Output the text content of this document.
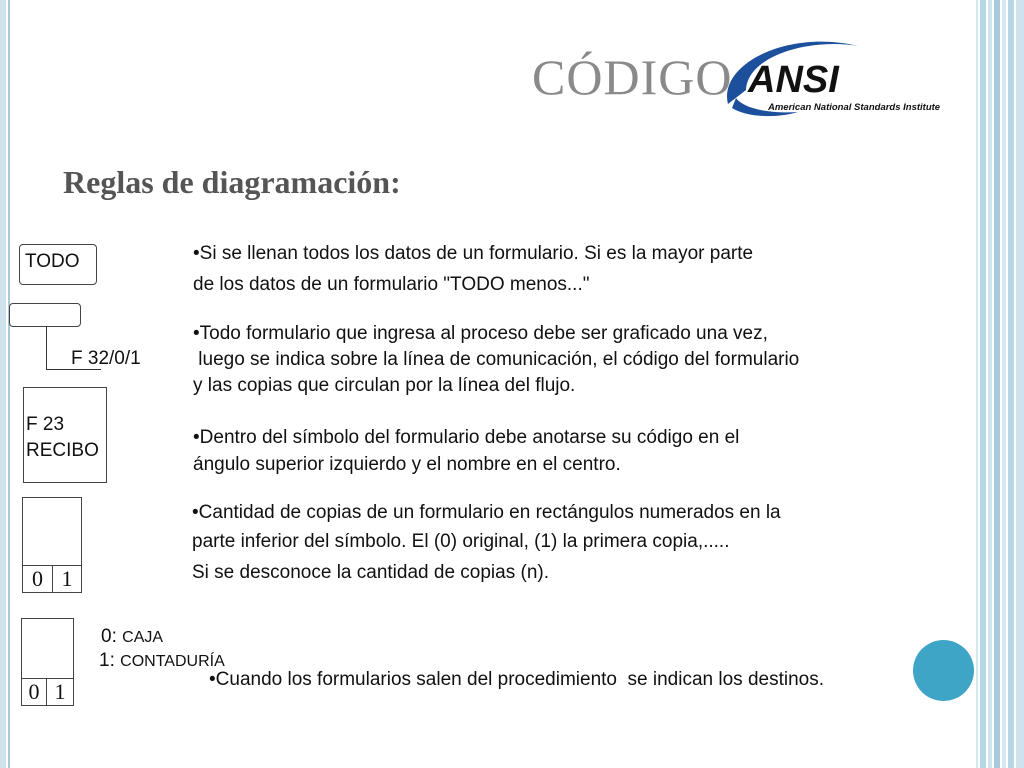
CÓDIGO ANSI
American National Standards Institute
Reglas de diagramación:
TODO
F 32/0/1
F 23
RECIBO
0 1
0 1
0: CAJA
1: CONTADURÍA
•Si se llenan todos los datos de un formulario. Si es la mayor parte
de los datos de un formulario "TODO menos..."
•Todo formulario que ingresa al proceso debe ser graficado una vez,
luego se indica sobre la línea de comunicación, el código del formulario
y las copias que circulan por la línea del flujo.
•Dentro del símbolo del formulario debe anotarse su código en el
ángulo superior izquierdo y el nombre en el centro.
•Cantidad de copias de un formulario en rectángulos numerados en la
parte inferior del símbolo. El (0) original, (1) la primera copia,.....
Si se desconoce la cantidad de copias (n).

•Cuando los formularios salen del procedimiento  se indican los destinos.
